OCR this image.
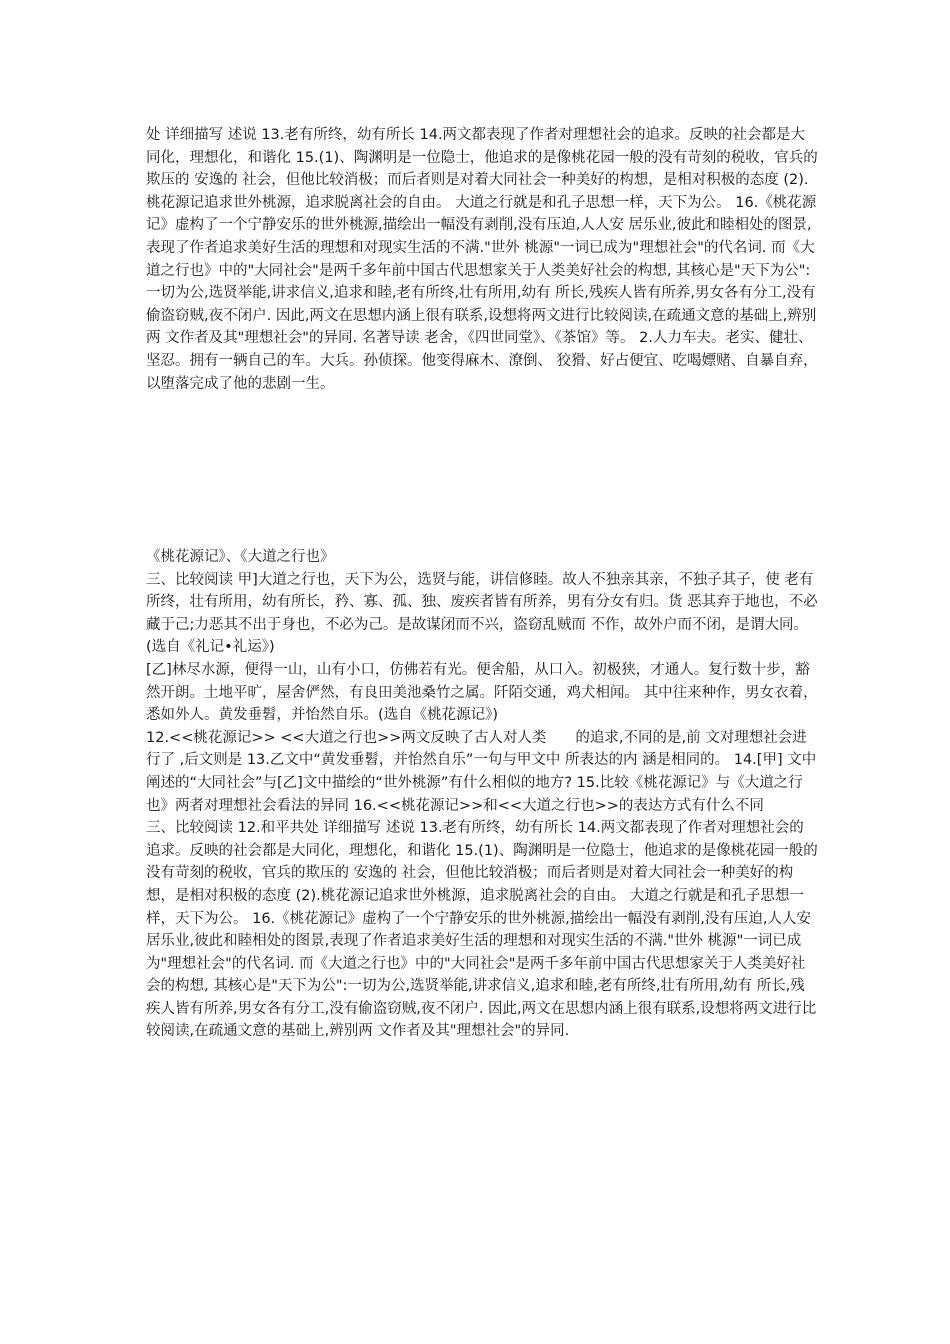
处 详细描写 述说 13.老有所终，幼有所长 14.两文都表现了作者对理想社会的追求。反映的社会都是大同化，理想化，和谐化 15.(1)、陶渊明是一位隐士，他追求的是像桃花园一般的没有苛刻的税收，官兵的欺压的 安逸的 社会，但他比较消极；而后者则是对着大同社会一种美好的构想，是相对积极的态度 (2).桃花源记追求世外桃源，追求脱离社会的自由。 大道之行就是和孔子思想一样，天下为公。 16.《桃花源记》虚构了一个宁静安乐的世外桃源,描绘出一幅没有剥削,没有压迫,人人安 居乐业,彼此和睦相处的图景,表现了作者追求美好生活的理想和对现实生活的不满."世外 桃源"一词已成为"理想社会"的代名词. 而《大道之行也》中的"大同社会"是两千多年前中国古代思想家关于人类美好社会的构想, 其核心是"天下为公":一切为公,选贤举能,讲求信义,追求和睦,老有所终,壮有所用,幼有 所长,残疾人皆有所养,男女各有分工,没有偷盗窃贼,夜不闭户. 因此,两文在思想内涵上很有联系,设想将两文进行比较阅读,在疏通文意的基础上,辨别两 文作者及其"理想社会"的异同. 名著导读 老舍，《四世同堂》、《茶馆》等。 2.人力车夫。老实、健壮、坚忍。拥有一辆自己的车。大兵。孙侦探。他变得麻木、潦倒、 狡猾、好占便宜、吃喝嫖赌、自暴自弃，以堕落完成了他的悲剧一生。

《桃花源记》、《大道之行也》

三、比较阅读 甲]大道之行也，天下为公，选贤与能，讲信修睦。故人不独亲其亲，不独子其子，使 老有所终，壮有所用，幼有所长，矜、寡、孤、独、废疾者皆有所养，男有分女有归。货 恶其弃于地也，不必藏于己;力恶其不出于身也，不必为己。是故谋闭而不兴，盗窃乱贼而 不作，故外户而不闭，是谓大同。 (选自《礼记•礼运》)

[乙]林尽水源，便得一山，山有小口，仿佛若有光。便舍船，从口入。初极狭，才通人。复行数十步，豁然开朗。土地平旷，屋舍俨然，有良田美池桑竹之属。阡陌交通，鸡犬相闻。 其中往来种作，男女衣着，悉如外人。黄发垂髫，并怡然自乐。(选自《桃花源记》)

12.<<桃花源记>> <<大道之行也>>两文反映了古人对人类　　的追求,不同的是,前 文对理想社会进行了 ,后文则是 13.乙文中“黄发垂髫，并怡然自乐”一句与甲文中 所表达的内 涵是相同的。 14.[甲] 文中阐述的“大同社会”与[乙]文中描绘的“世外桃源”有什么相似的地方? 15.比较《桃花源记》与《大道之行也》两者对理想社会看法的异同 16.<<桃花源记>>和<<大道之行也>>的表达方式有什么不同

三、比较阅读 12.和平共处 详细描写 述说 13.老有所终，幼有所长 14.两文都表现了作者对理想社会的追求。反映的社会都是大同化，理想化，和谐化 15.(1)、陶渊明是一位隐士，他追求的是像桃花园一般的没有苛刻的税收，官兵的欺压的 安逸的 社会，但他比较消极；而后者则是对着大同社会一种美好的构想，是相对积极的态度 (2).桃花源记追求世外桃源，追求脱离社会的自由。 大道之行就是和孔子思想一样，天下为公。 16.《桃花源记》虚构了一个宁静安乐的世外桃源,描绘出一幅没有剥削,没有压迫,人人安 居乐业,彼此和睦相处的图景,表现了作者追求美好生活的理想和对现实生活的不满."世外 桃源"一词已成为"理想社会"的代名词. 而《大道之行也》中的"大同社会"是两千多年前中国古代思想家关于人类美好社会的构想, 其核心是"天下为公":一切为公,选贤举能,讲求信义,追求和睦,老有所终,壮有所用,幼有 所长,残疾人皆有所养,男女各有分工,没有偷盗窃贼,夜不闭户. 因此,两文在思想内涵上很有联系,设想将两文进行比较阅读,在疏通文意的基础上,辨别两 文作者及其"理想社会"的异同.
